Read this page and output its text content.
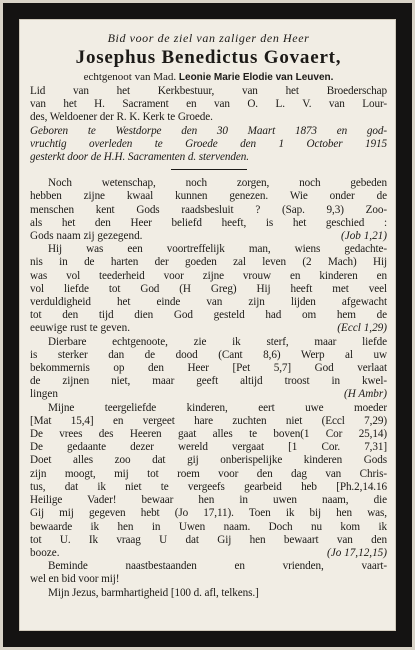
Bid voor de ziel van zaliger den Heer
Josephus Benedictus Govaert,
echtgenoot van Mad. Leonie Marie Elodie van Leuven.
Lid van het Kerkbestuur, van het Broederschap
van het H. Sacrament en van O. L. V. van Lour-
des, Weldoener der R. K. Kerk te Groede.
Geboren te Westdorpe den 30 Maart 1873 en god-
vruchtig overleden te Groede den 1 October 1915
gesterkt door de H.H. Sacramenten d. stervenden.
Noch wetenschap, noch zorgen, noch gebeden
hebben zijne kwaal kunnen genezen. Wie onder de
menschen kent Gods raadsbesluit ? (Sap. 9,3) Zoo-
als het den Heer beliefd heeft, is het geschied :
Gods naam zij gezegend.	(Job 1,21)
Hij was een voortreffelijk man, wiens gedachte-
nis in de harten der goeden zal leven (2 Mach) Hij
was vol teederheid voor zijne vrouw en kinderen en
vol liefde tot God (H Greg) Hij heeft met veel
verduldigheid het einde van zijn lijden afgewacht
tot den tijd dien God gesteld had om hem de
eeuwige rust te geven.	(Eccl 1,29)
Dierbare echtgenoote, zie ik sterf, maar liefde
is sterker dan de dood (Cant 8,6) Werp al uw
bekommernis op den Heer [Pet 5,7] God verlaat
de zijnen niet, maar geeft altijd troost in kwel-
lingen	(H Ambr)
Mijne teergeliefde kinderen, eert uwe moeder
[Mat 15,4] en vergeet hare zuchten niet (Eccl 7,29)
De vrees des Heeren gaat alles te boven(1 Cor 25,14)
De gedaante dezer wereld vergaat [1 Cor. 7,31]
Doet alles zoo dat gij onberispelijke kinderen Gods
zijn moogt, mij tot roem voor den dag van Chris-
tus, dat ik niet te vergeefs gearbeid heb [Ph.2,14.16
Heilige Vader! bewaar hen in uwen naam, die
Gij mij gegeven hebt (Jo 17,11). Toen ik bij hen was,
bewaarde ik hen in Uwen naam. Doch nu kom ik
tot U. Ik vraag U dat Gij hen bewaart van den
booze.	(Jo 17,12,15)
Beminde naastbestaanden en vrienden, vaart-
wel en bid voor mij!
Mijn Jezus, barmhartigheid [100 d. afl, telkens.]
